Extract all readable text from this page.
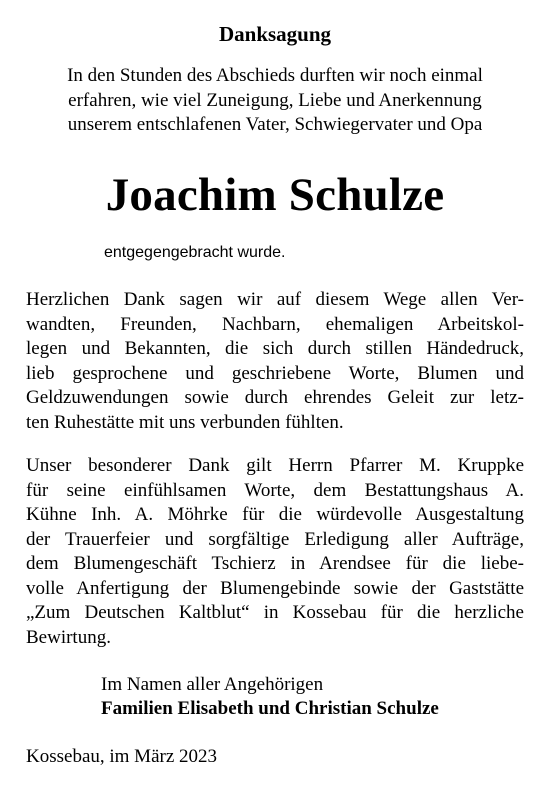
Danksagung
In den Stunden des Abschieds durften wir noch einmal
erfahren, wie viel Zuneigung, Liebe und Anerkennung
unserem entschlafenen Vater, Schwiegervater und Opa
Joachim Schulze
entgegengebracht wurde.
Herzlichen Dank sagen wir auf diesem Wege allen Ver-
wandten, Freunden, Nachbarn, ehemaligen Arbeitskol-
legen und Bekannten, die sich durch stillen Händedruck,
lieb gesprochene und geschriebene Worte, Blumen und
Geldzuwendungen sowie durch ehrendes Geleit zur letz-
ten Ruhestätte mit uns verbunden fühlten.
Unser besonderer Dank gilt Herrn Pfarrer M. Kruppke
für seine einfühlsamen Worte, dem Bestattungshaus A.
Kühne Inh. A. Möhrke für die würdevolle Ausgestaltung
der Trauerfeier und sorgfältige Erledigung aller Aufträge,
dem Blumengeschäft Tschierz in Arendsee für die liebe-
volle Anfertigung der Blumengebinde sowie der Gaststätte
„Zum Deutschen Kaltblut“ in Kossebau für die herzliche
Bewirtung.
Im Namen aller Angehörigen
Familien Elisabeth und Christian Schulze
Kossebau, im März 2023
